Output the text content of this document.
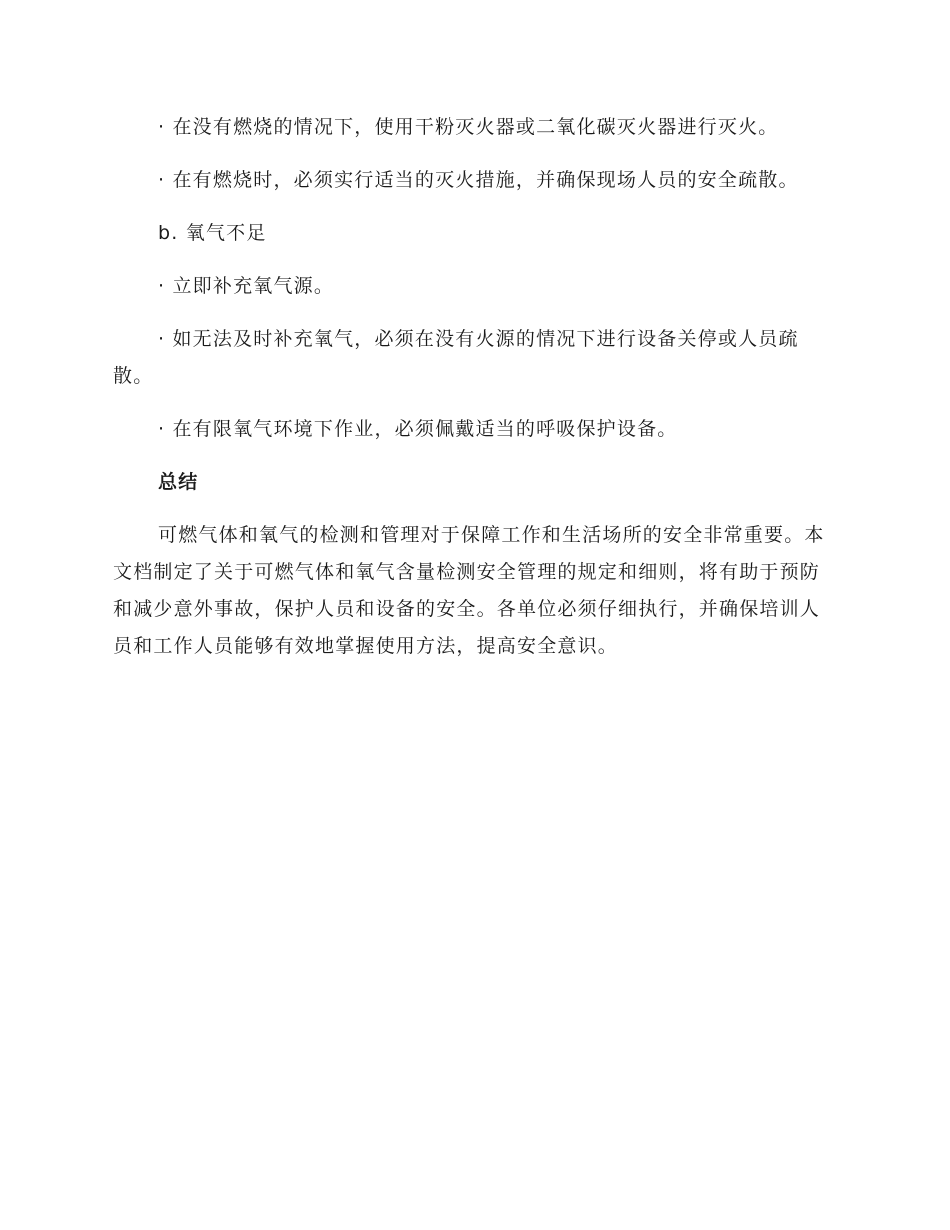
· 在没有燃烧的情况下，使用干粉灭火器或二氧化碳灭火器进行灭火。

· 在有燃烧时，必须实行适当的灭火措施，并确保现场人员的安全疏散。

b. 氧气不足

· 立即补充氧气源。

· 如无法及时补充氧气，必须在没有火源的情况下进行设备关停或人员疏散。

· 在有限氧气环境下作业，必须佩戴适当的呼吸保护设备。

总结

可燃气体和氧气的检测和管理对于保障工作和生活场所的安全非常重要。本文档制定了关于可燃气体和氧气含量检测安全管理的规定和细则，将有助于预防和减少意外事故，保护人员和设备的安全。各单位必须仔细执行，并确保培训人员和工作人员能够有效地掌握使用方法，提高安全意识。
